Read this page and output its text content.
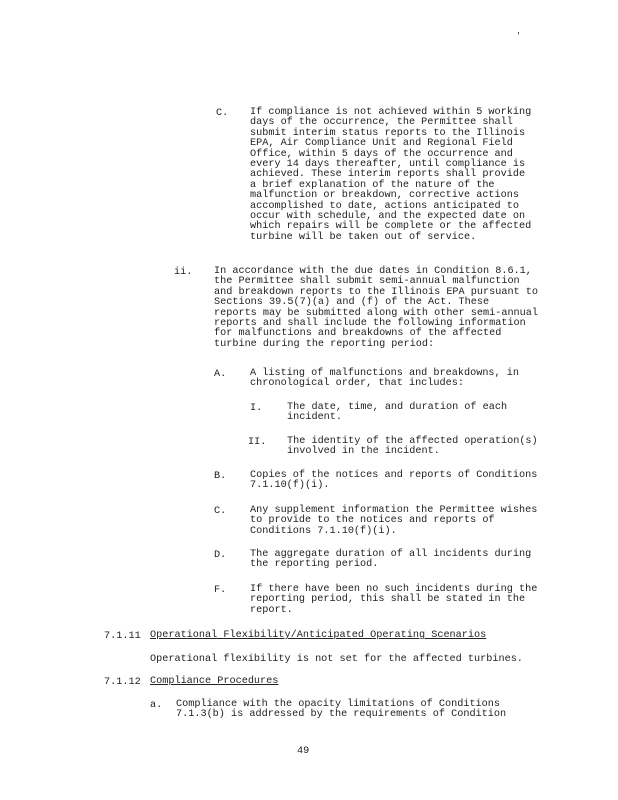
'
C. If compliance is not achieved within 5 working
days of the occurrence, the Permittee shall
submit interim status reports to the Illinois
EPA, Air Compliance Unit and Regional Field
Office, within 5 days of the occurrence and
every 14 days thereafter, until compliance is
achieved. These interim reports shall provide
a brief explanation of the nature of the
malfunction or breakdown, corrective actions
accomplished to date, actions anticipated to
occur with schedule, and the expected date on
which repairs will be complete or the affected
turbine will be taken out of service.
ii. In accordance with the due dates in Condition 8.6.1,
the Permittee shall submit semi-annual malfunction
and breakdown reports to the Illinois EPA pursuant to
Sections 39.5(7)(a) and (f) of the Act. These
reports may be submitted along with other semi-annual
reports and shall include the following information
for malfunctions and breakdowns of the affected
turbine during the reporting period:
A. A listing of malfunctions and breakdowns, in
chronological order, that includes:
I. The date, time, and duration of each
incident.
II. The identity of the affected operation(s)
involved in the incident.
B. Copies of the notices and reports of Conditions
7.1.10(f)(i).
C. Any supplement information the Permittee wishes
to provide to the notices and reports of
Conditions 7.1.10(f)(i).
D. The aggregate duration of all incidents during
the reporting period.
F. If there have been no such incidents during the
reporting period, this shall be stated in the
report.
7.1.11 Operational Flexibility/Anticipated Operating Scenarios
Operational flexibility is not set for the affected turbines.
7.1.12 Compliance Procedures
a. Compliance with the opacity limitations of Conditions
7.1.3(b) is addressed by the requirements of Condition
49
